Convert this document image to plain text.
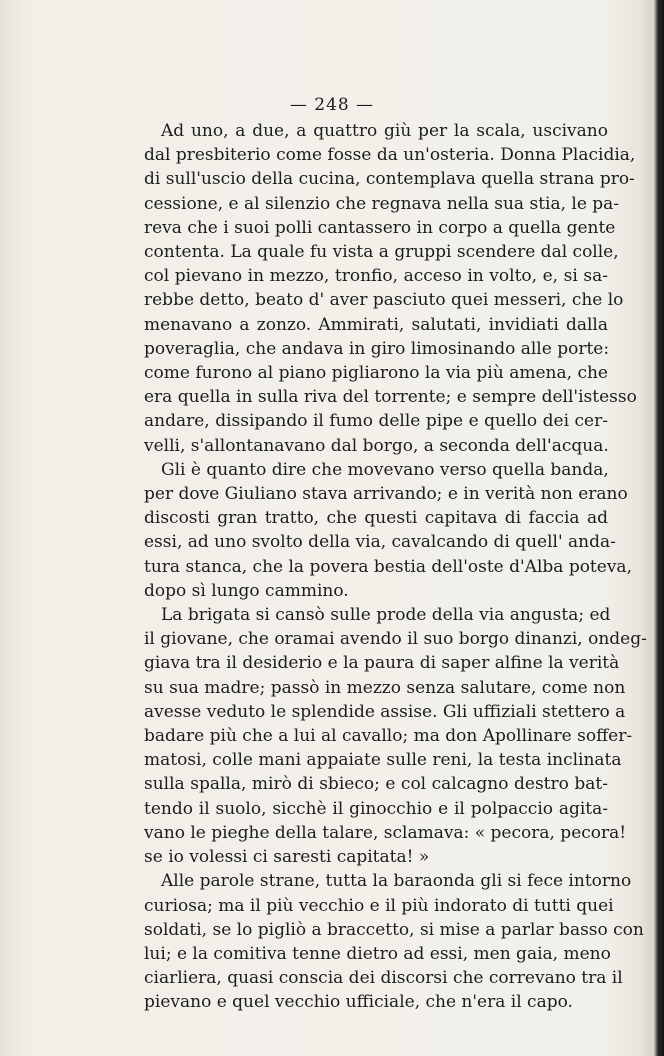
— 248 —
Ad uno, a due, a quattro giù per la scala, uscivano
dal presbiterio come fosse da un'osteria. Donna Placidia,
di sull'uscio della cucina, contemplava quella strana pro-
cessione, e al silenzio che regnava nella sua stia, le pa-
reva che i suoi polli cantassero in corpo a quella gente
contenta. La quale fu vista a gruppi scendere dal colle,
col pievano in mezzo, tronfio, acceso in volto, e, si sa-
rebbe detto, beato d' aver pasciuto quei messeri, che lo
menavano a zonzo. Ammirati, salutati, invidiati dalla
poveraglia, che andava in giro limosinando alle porte:
come furono al piano pigliarono la via più amena, che
era quella in sulla riva del torrente; e sempre dell'istesso
andare, dissipando il fumo delle pipe e quello dei cer-
velli, s'allontanavano dal borgo, a seconda dell'acqua.
Gli è quanto dire che movevano verso quella banda,
per dove Giuliano stava arrivando; e in verità non erano
discosti gran tratto, che questi capitava di faccia ad
essi, ad uno svolto della via, cavalcando di quell' anda-
tura stanca, che la povera bestia dell'oste d'Alba poteva,
dopo sì lungo cammino.
La brigata si cansò sulle prode della via angusta; ed
il giovane, che oramai avendo il suo borgo dinanzi, ondeg-
giava tra il desiderio e la paura di saper alfine la verità
su sua madre; passò in mezzo senza salutare, come non
avesse veduto le splendide assise. Gli uffiziali stettero a
badare più che a lui al cavallo; ma don Apollinare soffer-
matosi, colle mani appaiate sulle reni, la testa inclinata
sulla spalla, mirò di sbieco; e col calcagno destro bat-
tendo il suolo, sicchè il ginocchio e il polpaccio agita-
vano le pieghe della talare, sclamava: « pecora, pecora!
se io volessi ci saresti capitata! »
Alle parole strane, tutta la baraonda gli si fece intorno
curiosa; ma il più vecchio e il più indorato di tutti quei
soldati, se lo pigliò a braccetto, si mise a parlar basso con
lui; e la comitiva tenne dietro ad essi, men gaia, meno
ciarliera, quasi conscia dei discorsi che correvano tra il
pievano e quel vecchio ufficiale, che n'era il capo.
